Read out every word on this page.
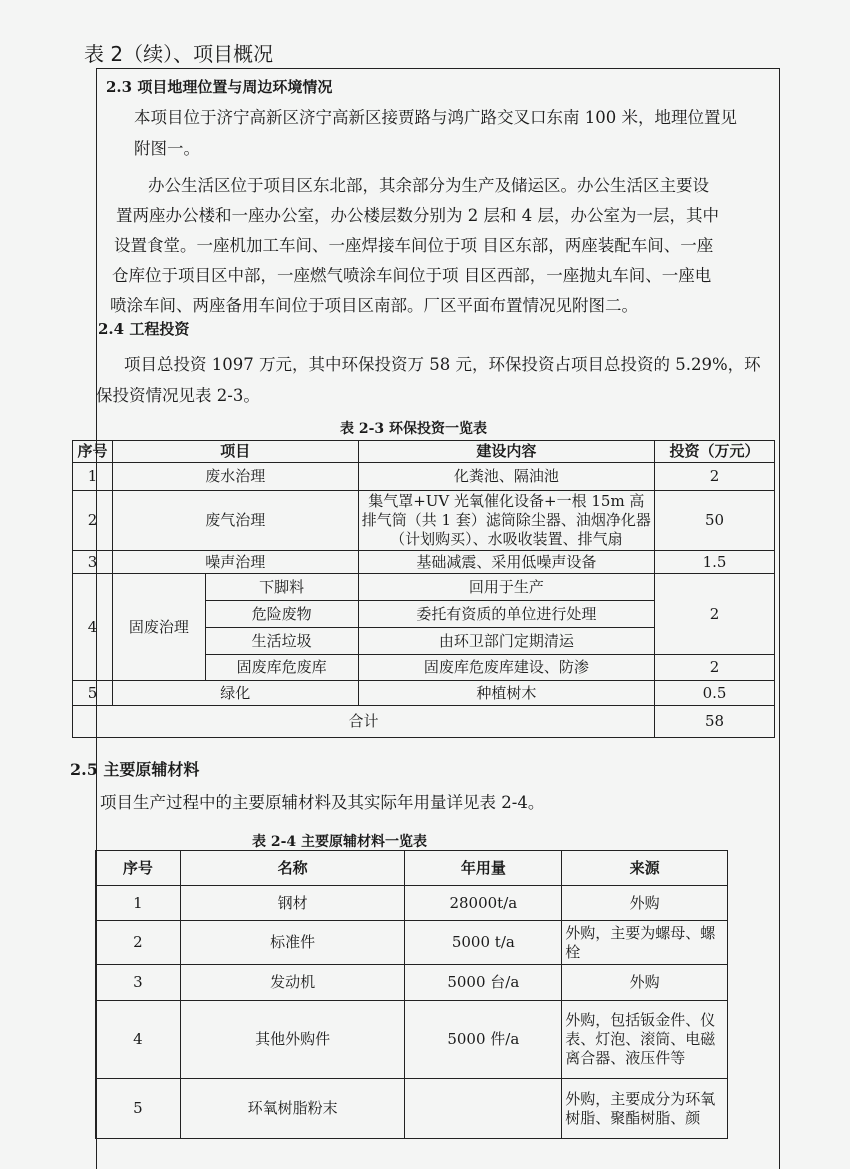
表 2（续）、项目概况
2.3 项目地理位置与周边环境情况
本项目位于济宁高新区济宁高新区接贾路与鸿广路交叉口东南 100 米，地理位置见
附图一。
办公生活区位于项目区东北部，其余部分为生产及储运区。办公生活区主要设
置两座办公楼和一座办公室，办公楼层数分别为 2 层和 4 层，办公室为一层，其中
设置食堂。一座机加工车间、一座焊接车间位于项 目区东部，两座装配车间、一座
仓库位于项目区中部，一座燃气喷涂车间位于项 目区西部，一座抛丸车间、一座电
喷涂车间、两座备用车间位于项目区南部。厂区平面布置情况见附图二。
2.4 工程投资
项目总投资 1097 万元，其中环保投资万 58 元，环保投资占项目总投资的 5.29%，环
保投资情况见表 2-3。
表 2-3 环保投资一览表
序号	项目		建设内容	投资（万元）
1	废水治理		化粪池、隔油池	2
2	废气治理		集气罩+UV 光氧催化设备+一根 15m 高排气筒（共 1 套）滤筒除尘器、油烟净化器（计划购买）、水吸收装置、排气扇	50
3	噪声治理		基础减震、采用低噪声设备	1.5
4	固废治理	下脚料	回用于生产	2
		危险废物	委托有资质的单位进行处理	
		生活垃圾	由环卫部门定期清运	
		固废库危废库	固废库危废库建设、防渗	2
5	绿化		种植树木	0.5
合计				58
2.5 主要原辅材料
项目生产过程中的主要原辅材料及其实际年用量详见表 2-4。
表 2-4 主要原辅材料一览表
序号	名称	年用量	来源
1	钢材	28000t/a	外购
2	标准件	5000 t/a	外购，主要为螺母、螺 栓
3	发动机	5000 台/a	外购
4	其他外购件	5000 件/a	外购，包括钣金件、仪表、灯泡、滚筒、电磁 离合器、液压件等
5	环氧树脂粉末		外购，主要成分为环氧树脂、聚酯树脂、颜
